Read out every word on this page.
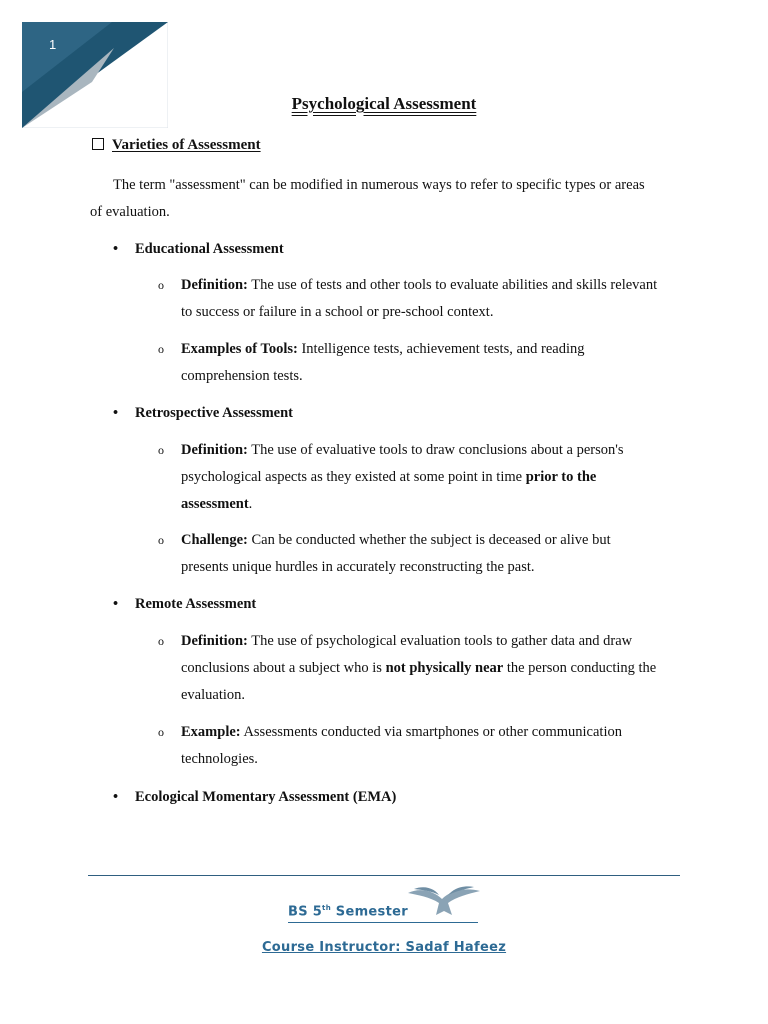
1
Psychological Assessment
Varieties of Assessment
The term "assessment" can be modified in numerous ways to refer to specific types or areas
of evaluation.
• Educational Assessment
o Definition: The use of tests and other tools to evaluate abilities and skills relevant
to success or failure in a school or pre-school context.
o Examples of Tools: Intelligence tests, achievement tests, and reading
comprehension tests.
• Retrospective Assessment
o Definition: The use of evaluative tools to draw conclusions about a person's
psychological aspects as they existed at some point in time prior to the
assessment.
o Challenge: Can be conducted whether the subject is deceased or alive but
presents unique hurdles in accurately reconstructing the past.
• Remote Assessment
o Definition: The use of psychological evaluation tools to gather data and draw
conclusions about a subject who is not physically near the person conducting the
evaluation.
o Example: Assessments conducted via smartphones or other communication
technologies.
• Ecological Momentary Assessment (EMA)
BS 5th Semester
Course Instructor: Sadaf Hafeez
